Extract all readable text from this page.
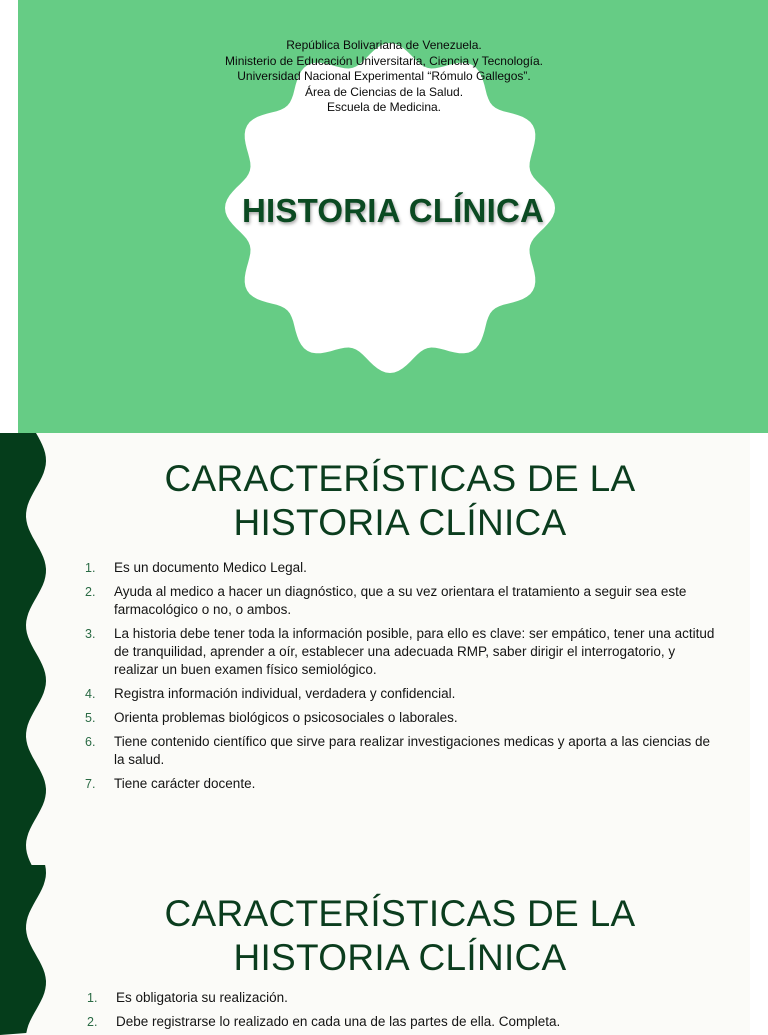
República Bolivariana de Venezuela.
Ministerio de Educación Universitaria, Ciencia y Tecnología.
Universidad Nacional Experimental “Rómulo Gallegos”.
Área de Ciencias de la Salud.
Escuela de Medicina.
HISTORIA CLÍNICA
CARACTERÍSTICAS DE LA
HISTORIA CLÍNICA
1. Es un documento Medico Legal.
2. Ayuda al medico a hacer un diagnóstico, que a su vez orientara el tratamiento a seguir sea este farmacológico o no, o ambos.
3. La historia debe tener toda la información posible, para ello es clave: ser empático, tener una actitud de tranquilidad, aprender a oír, establecer una adecuada RMP, saber dirigir el interrogatorio, y realizar un buen examen físico semiológico.
4. Registra información individual, verdadera y confidencial.
5. Orienta problemas biológicos o psicosociales o laborales.
6. Tiene contenido científico que sirve para realizar investigaciones medicas y aporta a las ciencias de la salud.
7. Tiene carácter docente.
CARACTERÍSTICAS DE LA
HISTORIA CLÍNICA
1. Es obligatoria su realización.
2. Debe registrarse lo realizado en cada una de las partes de ella. Completa.
